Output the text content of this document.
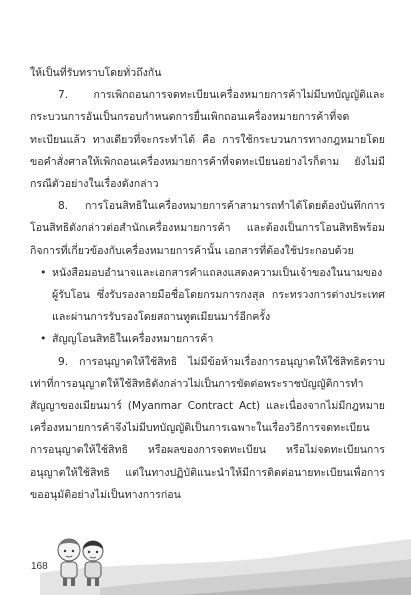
ให้เป็นที่รับทราบโดยทั่วถึงกัน

7. การเพิกถอนการจดทะเบียนเครื่องหมายการค้าไม่มีบทบัญญัติและกระบวนการอันเป็นกรอบกำหนดการยื่นเพิกถอนเครื่องหมายการค้าที่จดทะเบียนแล้ว ทางเดียวที่จะกระทำได้ คือ การใช้กระบวนการทางกฎหมายโดยขอคำสั่งศาลให้เพิกถอนเครื่องหมายการค้าที่จดทะเบียนอย่างไรก็ตาม ยังไม่มีกรณีตัวอย่างในเรื่องดังกล่าว

8. การโอนสิทธิในเครื่องหมายการค้าสามารถทำได้โดยต้องบันทึกการโอนสิทธิดังกล่าวต่อสำนักเครื่องหมายการค้า และต้องเป็นการโอนสิทธิพร้อมกิจการที่เกี่ยวข้องกับเครื่องหมายการค้านั้น เอกสารที่ต้องใช้ประกอบด้วย

• หนังสือมอบอำนาจและเอกสารคำแถลงแสดงความเป็นเจ้าของในนามของผู้รับโอน ซึ่งรับรองลายมือชื่อโดยกรมการกงสุล กระทรวงการต่างประเทศ และผ่านการรับรองโดยสถานทูตเมียนมาร์อีกครั้ง

• สัญญโอนสิทธิในเครื่องหมายการค้า

9. การอนุญาตให้ใช้สิทธิ ไม่มีข้อห้ามเรื่องการอนุญาตให้ใช้สิทธิตราบเท่าที่การอนุญาตให้ใช้สิทธิดังกล่าวไม่เป็นการขัดต่อพระราชบัญญัติการทำสัญญาของเมียนมาร์ (Myanmar Contract Act) และเนื่องจากไม่มีกฎหมายเครื่องหมายการค้าจึงไม่มีบทบัญญัติเป็นการเฉพาะในเรื่องวิธีการจดทะเบียนการอนุญาตให้ใช้สิทธิ หรือผลของการจดทะเบียน หรือไม่จดทะเบียนการอนุญาตให้ใช้สิทธิ แต่ในทางปฏิบัติแนะนำให้มีการติดต่อนายทะเบียนเพื่อการขออนุมัติอย่างไม่เป็นทางการก่อน

168
